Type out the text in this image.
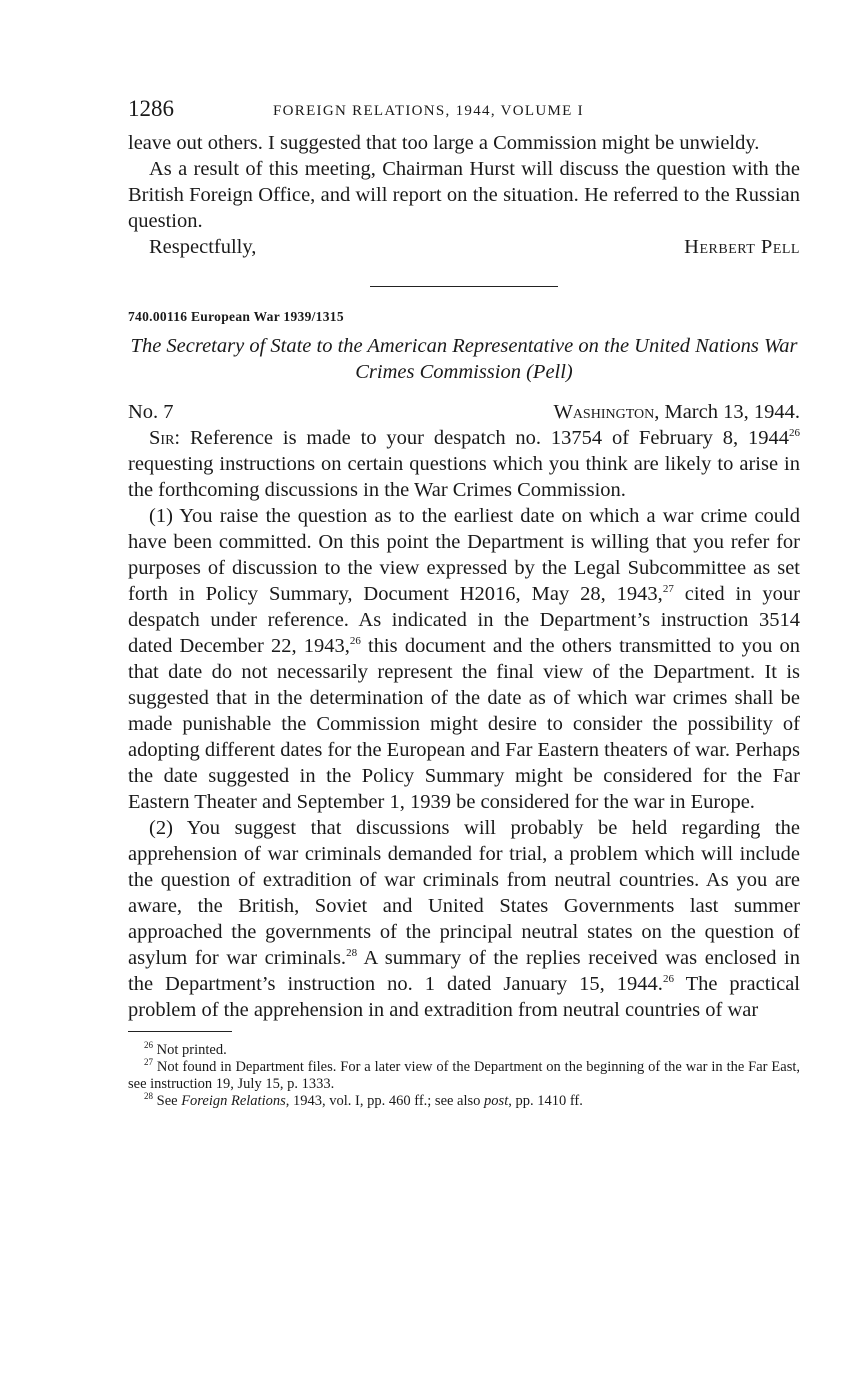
1286	FOREIGN RELATIONS, 1944, VOLUME I

leave out others. I suggested that too large a Commission might be unwieldy.

As a result of this meeting, Chairman Hurst will discuss the question with the British Foreign Office, and will report on the situation. He referred to the Russian question.

Respectfully,	Herbert Pell
740.00116 European War 1939/1315
The Secretary of State to the American Representative on the United Nations War Crimes Commission (Pell)
No. 7	Washington, March 13, 1944.

Sir: Reference is made to your despatch no. 13754 of February 8, 1944$^{26}$ requesting instructions on certain questions which you think are likely to arise in the forthcoming discussions in the War Crimes Commission.

(1) You raise the question as to the earliest date on which a war crime could have been committed. On this point the Department is willing that you refer for purposes of discussion to the view expressed by the Legal Subcommittee as set forth in Policy Summary, Document H2016, May 28, 1943,27 cited in your despatch under reference. As indicated in the Department’s instruction 3514 dated December 22, 1943,26 this document and the others transmitted to you on that date do not necessarily represent the final view of the Department. It is suggested that in the determination of the date as of which war crimes shall be made punishable the Commission might desire to consider the possibility of adopting different dates for the European and Far Eastern theaters of war. Perhaps the date suggested in the Policy Summary might be considered for the Far Eastern Theater and September 1, 1939 be considered for the war in Europe.

(2) You suggest that discussions will probably be held regarding the apprehension of war criminals demanded for trial, a problem which will include the question of extradition of war criminals from neutral countries. As you are aware, the British, Soviet and United States Governments last summer approached the governments of the principal neutral states on the question of asylum for war criminals.$^{28}$ A summary of the replies received was enclosed in the Department’s instruction no. 1 dated January 15, 1944.26 The practical problem of the apprehension in and extradition from neutral countries of war

$^{26}$ Not printed.
$^{27}$ Not found in Department files. For a later view of the Department on the beginning of the war in the Far East, see instruction 19, July 15, p. 1333.
$^{28}$ See Foreign Relations, 1943, vol. I, pp. 460 ff.; see also post, pp. 1410 ff.
